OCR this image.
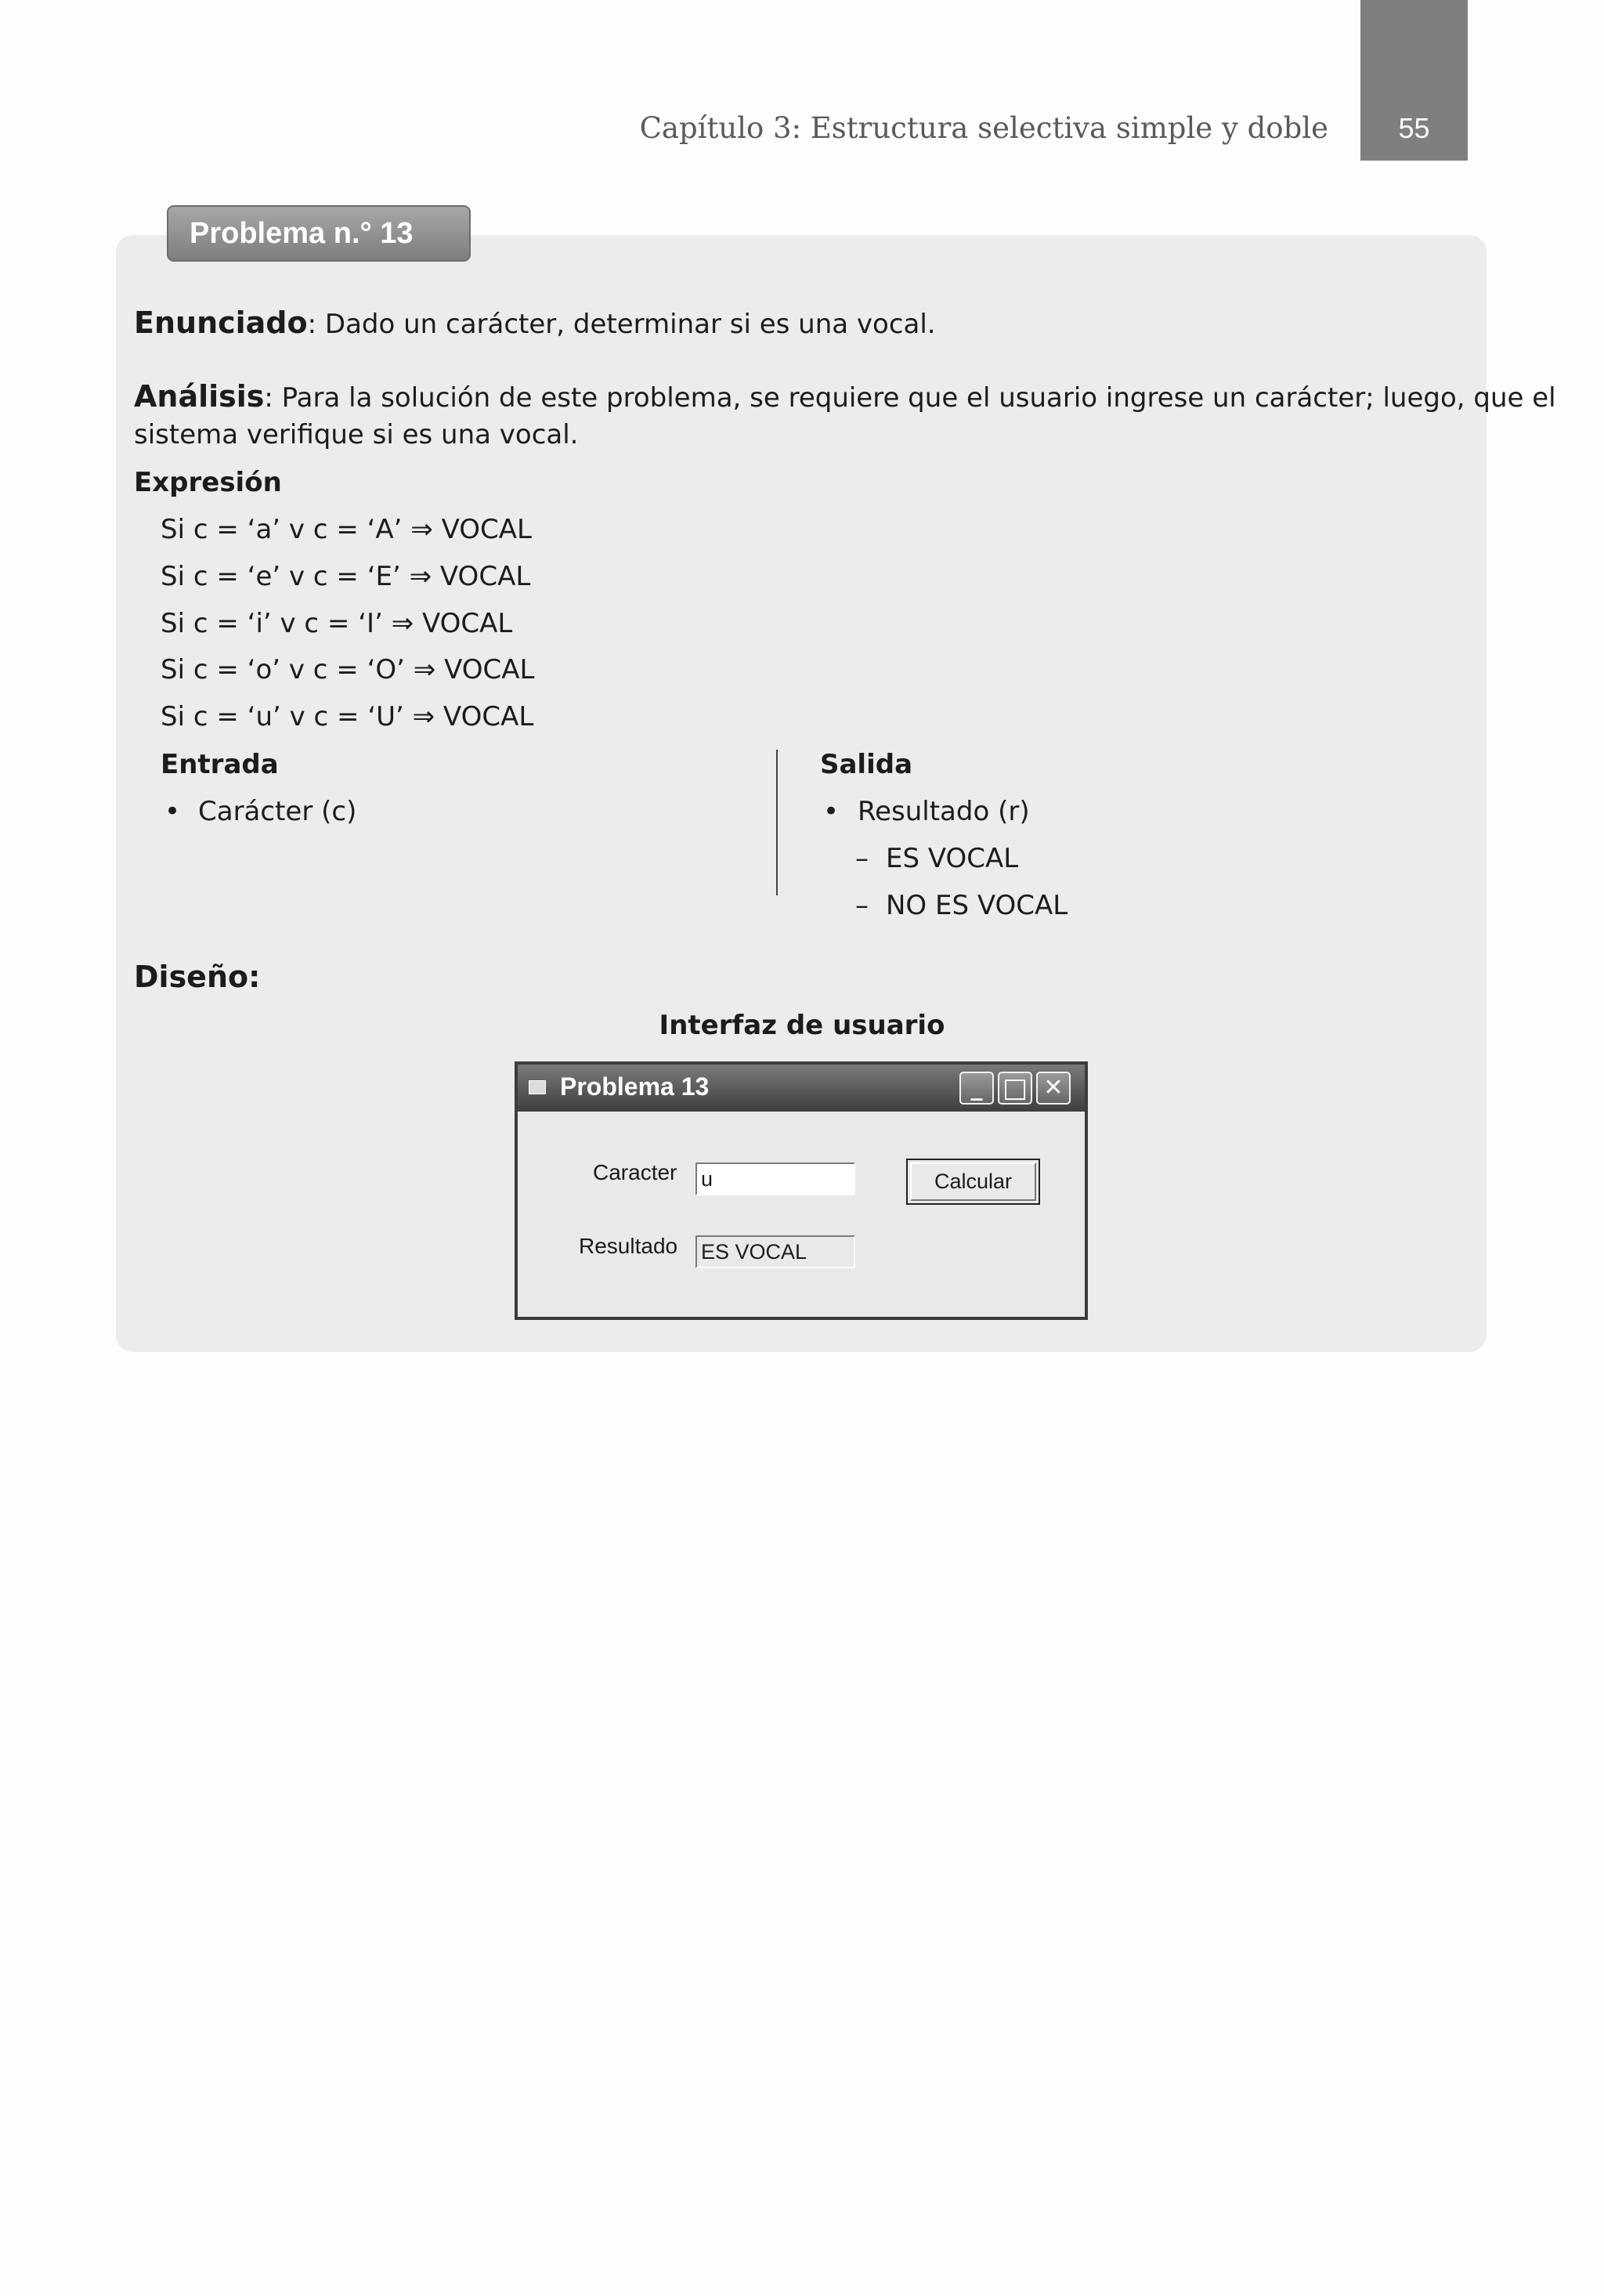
Capítulo 3: Estructura selectiva simple y doble	55
Problema n.° 13
Enunciado: Dado un carácter, determinar si es una vocal.
Análisis: Para la solución de este problema, se requiere que el usuario ingrese un carácter; luego, que el
sistema verifique si es una vocal.
Expresión
Si c = ‘a’ v c = ‘A’ ⇒ VOCAL
Si c = ‘e’ v c = ‘E’ ⇒ VOCAL
Si c = ‘i’ v c = ‘I’ ⇒ VOCAL
Si c = ‘o’ v c = ‘O’ ⇒ VOCAL
Si c = ‘u’ v c = ‘U’ ⇒ VOCAL
Entrada
• Carácter (c)
Salida
• Resultado (r)
– ES VOCAL
– NO ES VOCAL
Diseño:
Interfaz de usuario
Problema 13	_ □ ✕
Caracter u	Calcular
Resultado ES VOCAL
